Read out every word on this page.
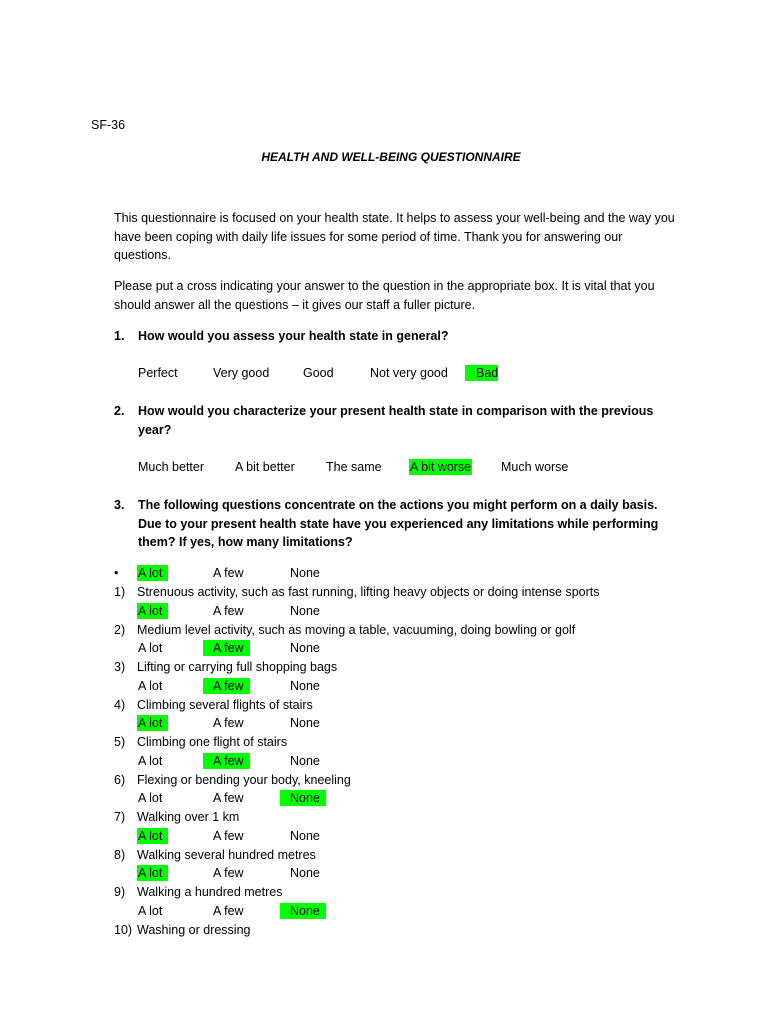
SF-36
HEALTH AND WELL-BEING QUESTIONNAIRE
This questionnaire is focused on your health state. It helps to assess your well-being and the way you have been coping with daily life issues for some period of time. Thank you for answering our questions.
Please put a cross indicating your answer to the question in the appropriate box. It is vital that you should answer all the questions – it gives our staff a fuller picture.
1. How would you assess your health state in general?
Perfect	Very good	Good	Not very good	Bad
2. How would you characterize your present health state in comparison with the previous year?
Much better A bit better The same A bit worse Much worse
3. The following questions concentrate on the actions you might perform on a daily basis. Due to your present health state have you experienced any limitations while performing them? If yes, how many limitations?
• A lot	A few	None
1) Strenuous activity, such as fast running, lifting heavy objects or doing intense sports
A lot	A few	None
2) Medium level activity, such as moving a table, vacuuming, doing bowling or golf
A lot	A few	None
3) Lifting or carrying full shopping bags
A lot	A few	None
4) Climbing several flights of stairs
A lot	A few	None
5) Climbing one flight of stairs
A lot	A few	None
6) Flexing or bending your body, kneeling
A lot	A few	None
7) Walking over 1 km
A lot	A few	None
8) Walking several hundred metres
A lot	A few	None
9) Walking a hundred metres
A lot	A few	None
10) Washing or dressing
